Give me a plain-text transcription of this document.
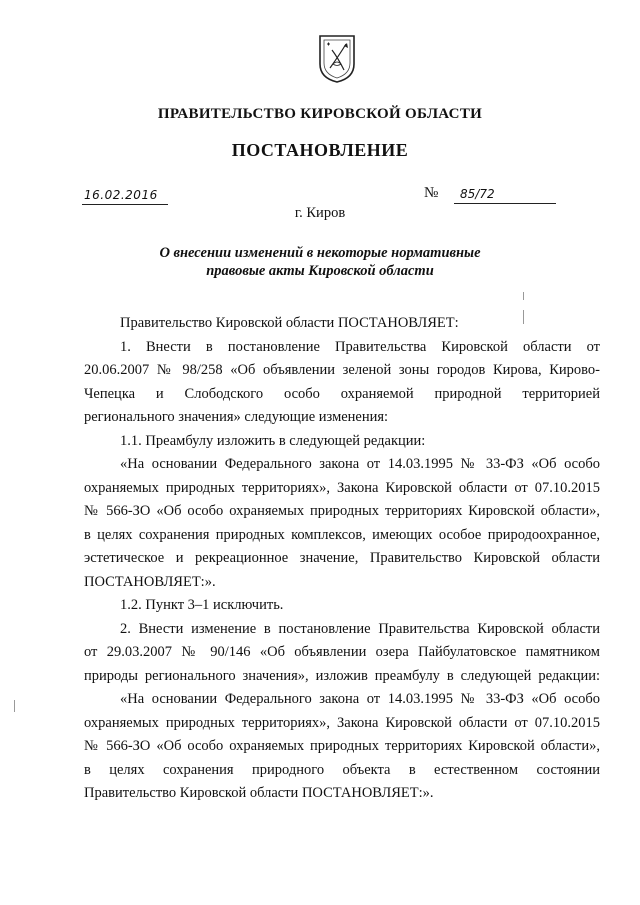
ПРАВИТЕЛЬСТВО КИРОВСКОЙ ОБЛАСТИ
ПОСТАНОВЛЕНИЕ
16.02.2016	№ 85/72
г. Киров
О внесении изменений в некоторые нормативные
правовые акты Кировской области
Правительство Кировской области ПОСТАНОВЛЯЕТ:
1. Внести в постановление Правительства Кировской области от
20.06.2007 № 98/258 «Об объявлении зеленой зоны городов Кирова, Кирово-
Чепецка и Слободского особо охраняемой природной территорией
регионального значения» следующие изменения:
1.1. Преамбулу изложить в следующей редакции:
«На основании Федерального закона от 14.03.1995 № 33-ФЗ «Об особо
охраняемых природных территориях», Закона Кировской области от 07.10.2015
№ 566-ЗО «Об особо охраняемых природных территориях Кировской области»,
в целях сохранения природных комплексов, имеющих особое природоохранное,
эстетическое и рекреационное значение, Правительство Кировской области
ПОСТАНОВЛЯЕТ:».
1.2. Пункт 3–1 исключить.
2. Внести изменение в постановление Правительства Кировской области
от 29.03.2007 № 90/146 «Об объявлении озера Пайбулатовское памятником
природы регионального значения», изложив преамбулу в следующей редакции:
«На основании Федерального закона от 14.03.1995 № 33-ФЗ «Об особо
охраняемых природных территориях», Закона Кировской области от 07.10.2015
№ 566-ЗО «Об особо охраняемых природных территориях Кировской области»,
в целях сохранения природного объекта в естественном состоянии
Правительство Кировской области ПОСТАНОВЛЯЕТ:».
